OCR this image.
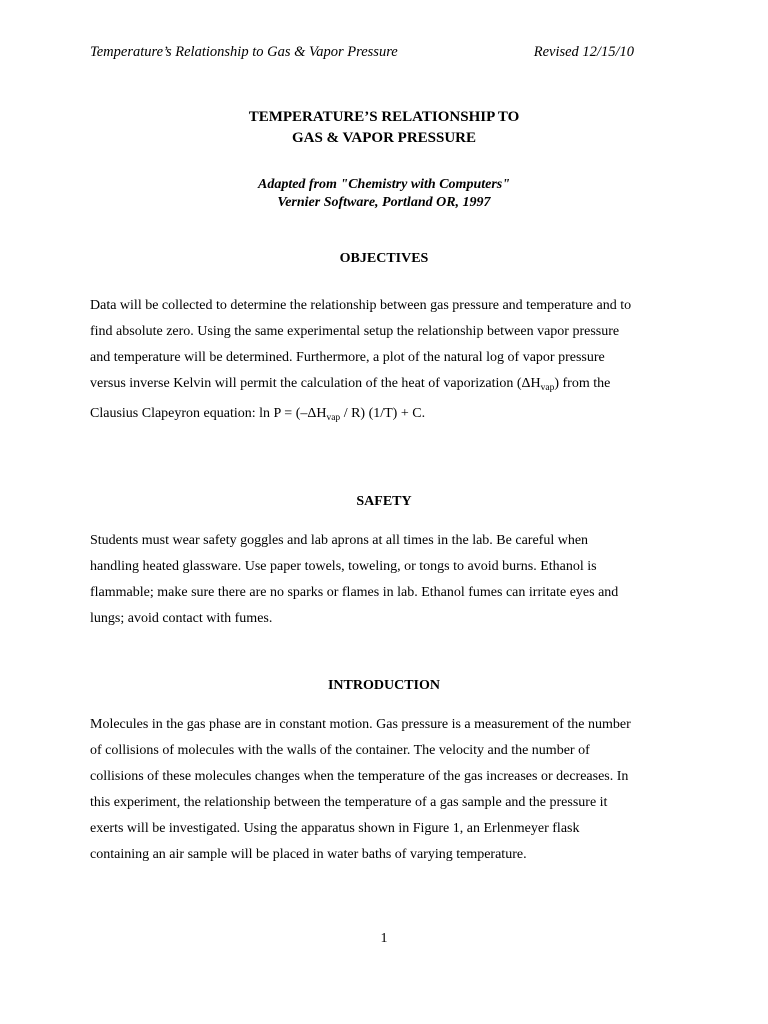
Temperature’s Relationship to Gas & Vapor Pressure	Revised 12/15/10
TEMPERATURE’S RELATIONSHIP TO
GAS & VAPOR PRESSURE
Adapted from "Chemistry with Computers"
Vernier Software, Portland OR, 1997
OBJECTIVES

Data will be collected to determine the relationship between gas pressure and temperature and to
find absolute zero. Using the same experimental setup the relationship between vapor pressure
and temperature will be determined. Furthermore, a plot of the natural log of vapor pressure
versus inverse Kelvin will permit the calculation of the heat of vaporization $(\Delta H_{vap})$ from the
Clausius Clapeyron equation: $\ln P = (-\Delta H_{vap} / R) (1/T) + C$.

SAFETY

Students must wear safety goggles and lab aprons at all times in the lab. Be careful when
handling heated glassware. Use paper towels, toweling, or tongs to avoid burns. Ethanol is
flammable; make sure there are no sparks or flames in lab. Ethanol fumes can irritate eyes and
lungs; avoid contact with fumes.

INTRODUCTION

Molecules in the gas phase are in constant motion. Gas pressure is a measurement of the number
of collisions of molecules with the walls of the container. The velocity and the number of
collisions of these molecules changes when the temperature of the gas increases or decreases. In
this experiment, the relationship between the temperature of a gas sample and the pressure it
exerts will be investigated. Using the apparatus shown in Figure 1, an Erlenmeyer flask
containing an air sample will be placed in water baths of varying temperature.

1
